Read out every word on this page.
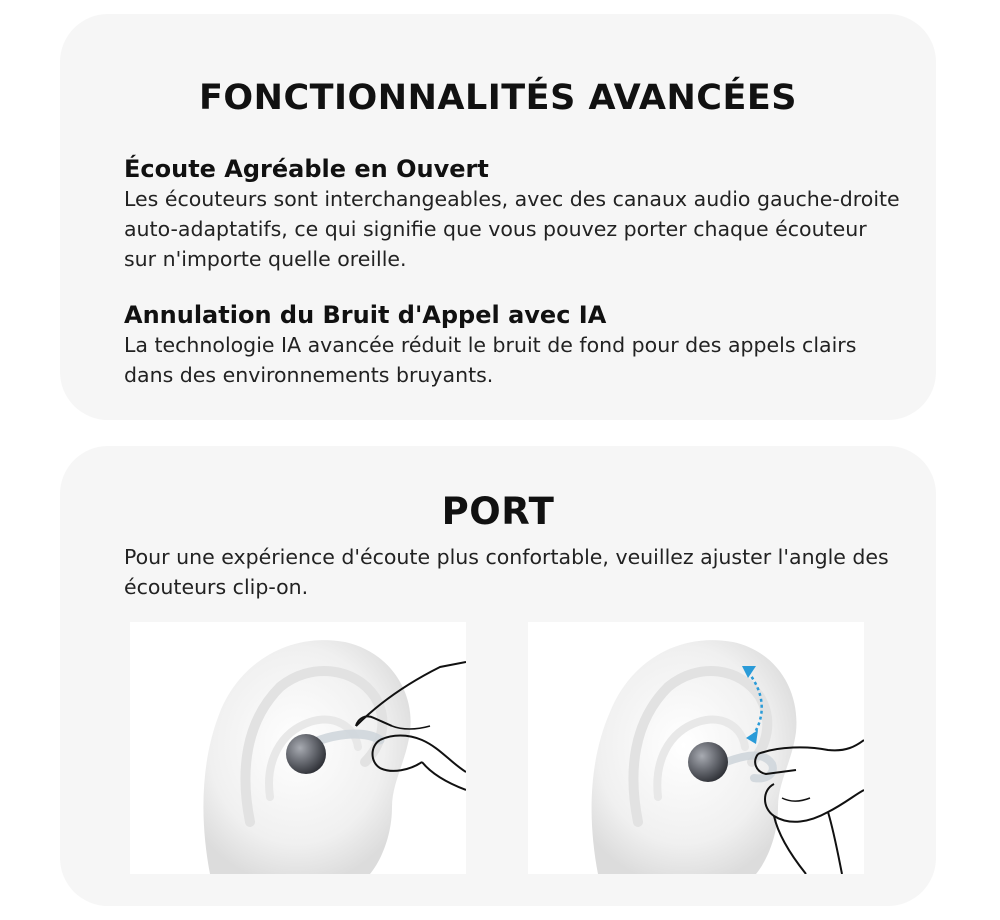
FONCTIONNALITÉS AVANCÉES
Écoute Agréable en Ouvert
Les écouteurs sont interchangeables, avec des canaux audio gauche-droite auto-adaptatifs, ce qui signifie que vous pouvez porter chaque écouteur sur n'importe quelle oreille.
Annulation du Bruit d'Appel avec IA
La technologie IA avancée réduit le bruit de fond pour des appels clairs dans des environnements bruyants.
PORT
Pour une expérience d'écoute plus confortable, veuillez ajuster l'angle des écouteurs clip-on.
